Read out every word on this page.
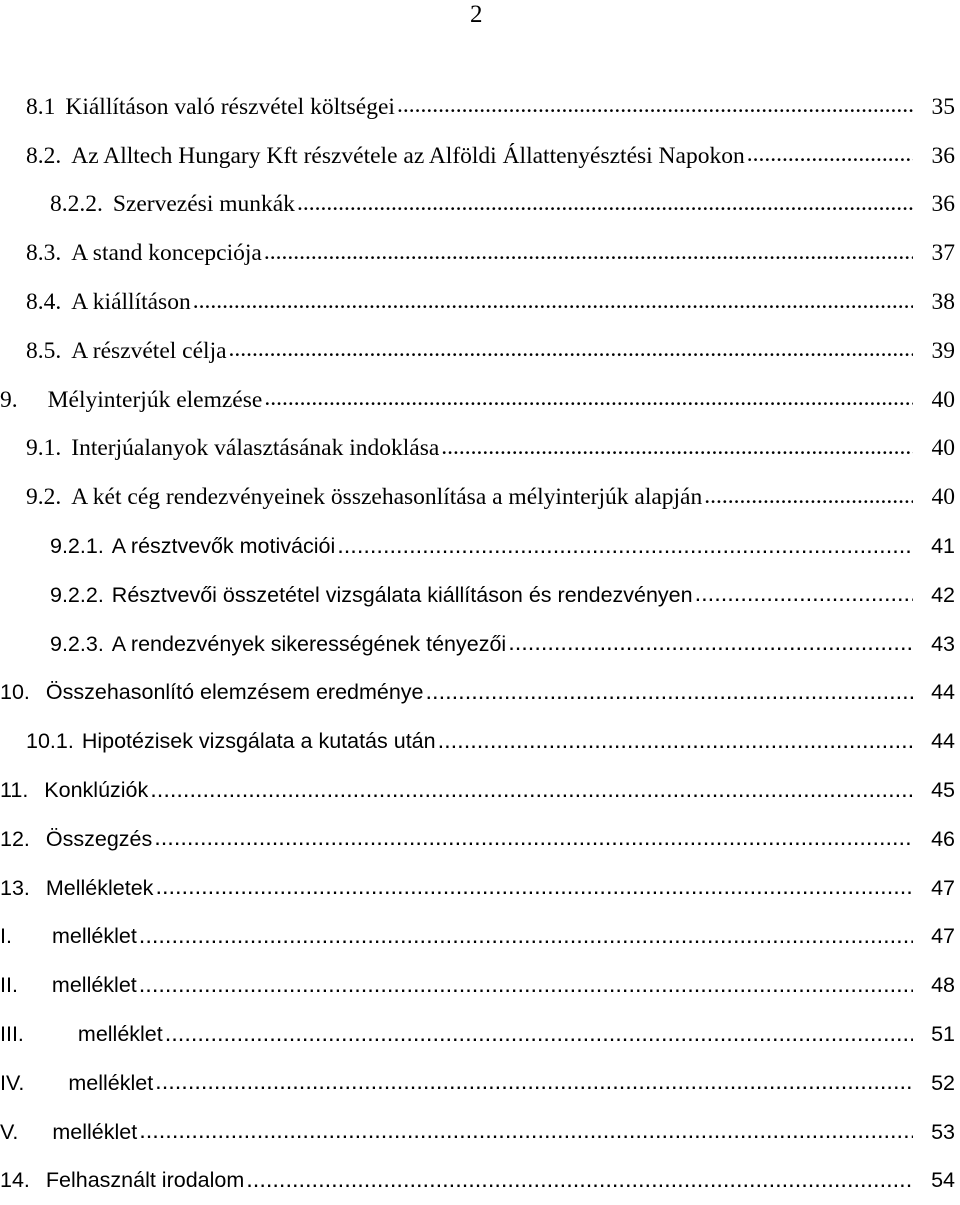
2
8.1 Kiállításon való részvétel költségei .....	35
8.2. Az Alltech Hungary Kft részvétele az Alföldi Állattenyésztési Napokon .....	36
8.2.2. Szervezési munkák .....	36
8.3. A stand koncepciója .....	37
8.4. A kiállításon .....	38
8.5. A részvétel célja .....	39
9. Mélyinterjúk elemzése .....	40
9.1. Interjúalanyok választásának indoklása .....	40
9.2. A két cég rendezvényeinek összehasonlítása a mélyinterjúk alapján .....	40
9.2.1. A résztvevők motivációi .....	41
9.2.2. Résztvevői összetétel vizsgálata kiállításon és rendezvényen .....	42
9.2.3. A rendezvények sikerességének tényezői .....	43
10. Összehasonlító elemzésem eredménye .....	44
10.1. Hipotézisek vizsgálata a kutatás után .....	44
11. Konklúziók .....	45
12. Összegzés .....	46
13. Mellékletek .....	47
I. melléklet .....	47
II. melléklet .....	48
III.	melléklet .....	51
IV. melléklet .....	52
V. melléklet .....	53
14. Felhasznált irodalom .....	54
